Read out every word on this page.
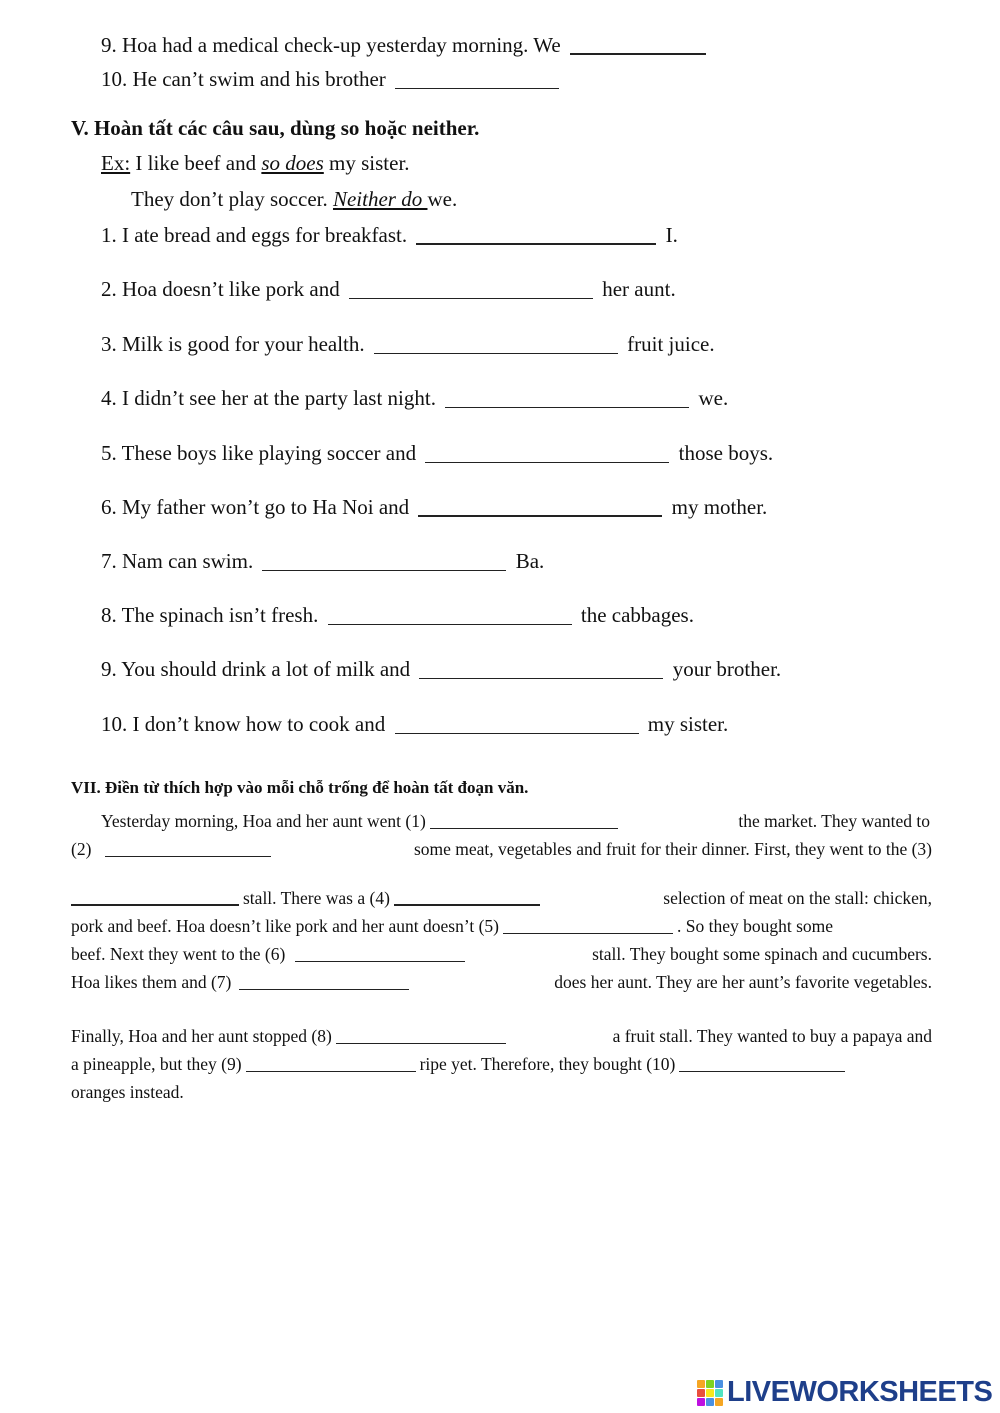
9. Hoa had a medical check-up yesterday morning. We
10. He can’t swim and his brother
V. Hoàn tất các câu sau, dùng so hoặc neither.
Ex: I like beef and so does my sister.
They don’t play soccer. Neither do we.
1. I ate bread and eggs for breakfast.	I.
2. Hoa doesn’t like pork and	her aunt.
3. Milk is good for your health.	fruit juice.
4. I didn’t see her at the party last night.	we.
5. These boys like playing soccer and	those boys.
6. My father won’t go to Ha Noi and	my mother.
7. Nam can swim.	Ba.
8. The spinach isn’t fresh.	the cabbages.
9. You should drink a lot of milk and	your brother.
10. I don’t know how to cook and	my sister.
VII. Điền từ thích hợp vào mỗi chỗ trống để hoàn tất đoạn văn.
Yesterday morning, Hoa and her aunt went (1)	the market. They wanted to
(2)	some meat, vegetables and fruit for their dinner. First, they went to the (3)
stall. There was a (4)	selection of meat on the stall: chicken,
pork and beef. Hoa doesn’t like pork and her aunt doesn’t (5)	. So they bought some
beef. Next they went to the (6)	stall. They bought some spinach and cucumbers.
Hoa likes them and (7)	does her aunt. They are her aunt’s favorite vegetables.
Finally, Hoa and her aunt stopped (8)	a fruit stall. They wanted to buy a papaya and
a pineapple, but they (9)	ripe yet. Therefore, they bought (10)
oranges instead.
LIVEWORKSHEETS
